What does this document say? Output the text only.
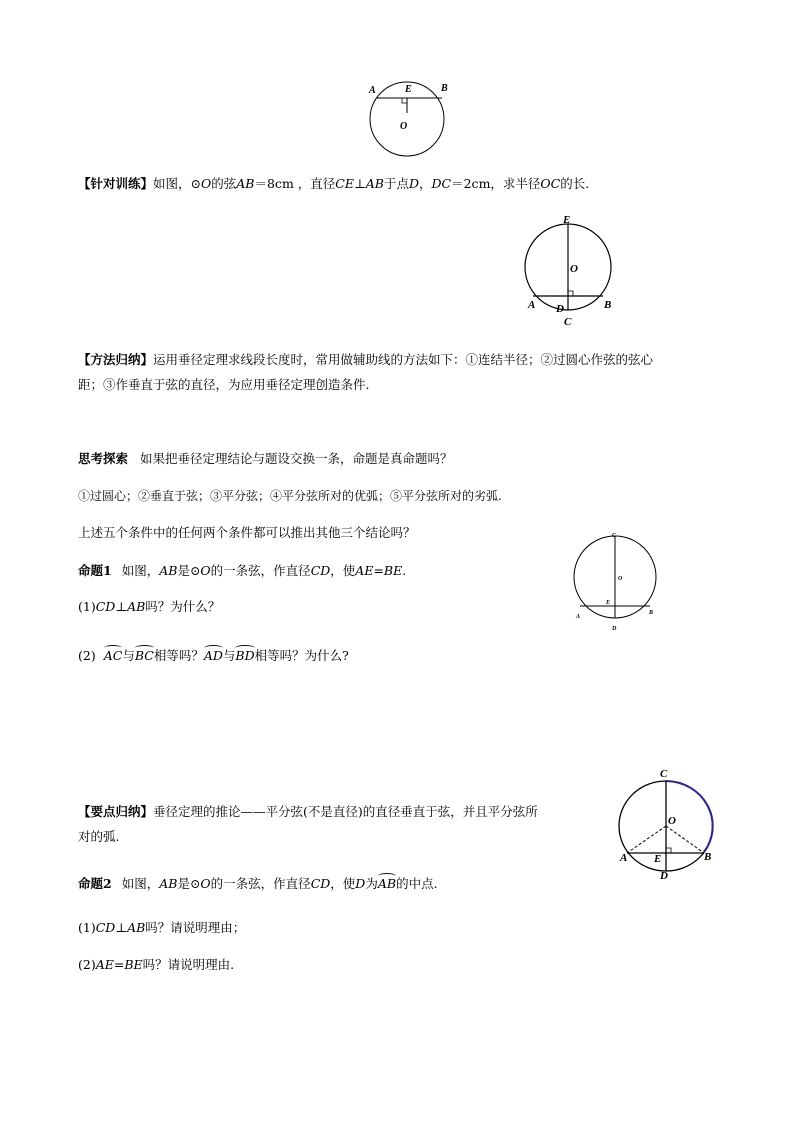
A	B
E
O
【针对训练】如图，⊙O的弦AB＝8cm ，直径CE⊥AB于点D，DC＝2cm，求半径OC的长.
E
O
A D	B
C
【方法归纳】运用垂径定理求线段长度时，常用做辅助线的方法如下：①连结半径；②过圆心作弦的弦心
距；③作垂直于弦的直径，为应用垂径定理创造条件.
思考探索 如果把垂径定理结论与题设交换一条，命题是真命题吗？
①过圆心；②垂直于弦；③平分弦；④平分弦所对的优弧；⑤平分弦所对的劣弧.
上述五个条件中的任何两个条件都可以推出其他三个结论吗？
命题1 如图，AB是⊙O的一条弦，作直径CD，使AE=BE.
(1)CD⊥AB吗？为什么？
(2) AC与BC相等吗？AD与BD相等吗？为什么?
C
O
E
A
B
D
【要点归纳】垂径定理的推论——平分弦(不是直径)的直径垂直于弦，并且平分弦所
对的弧.
C
O
A E	B
D
命题2 如图，AB是⊙O的一条弦，作直径CD，使D为AB的中点.
(1)CD⊥AB吗？请说明理由；
(2)AE=BE吗？请说明理由.
